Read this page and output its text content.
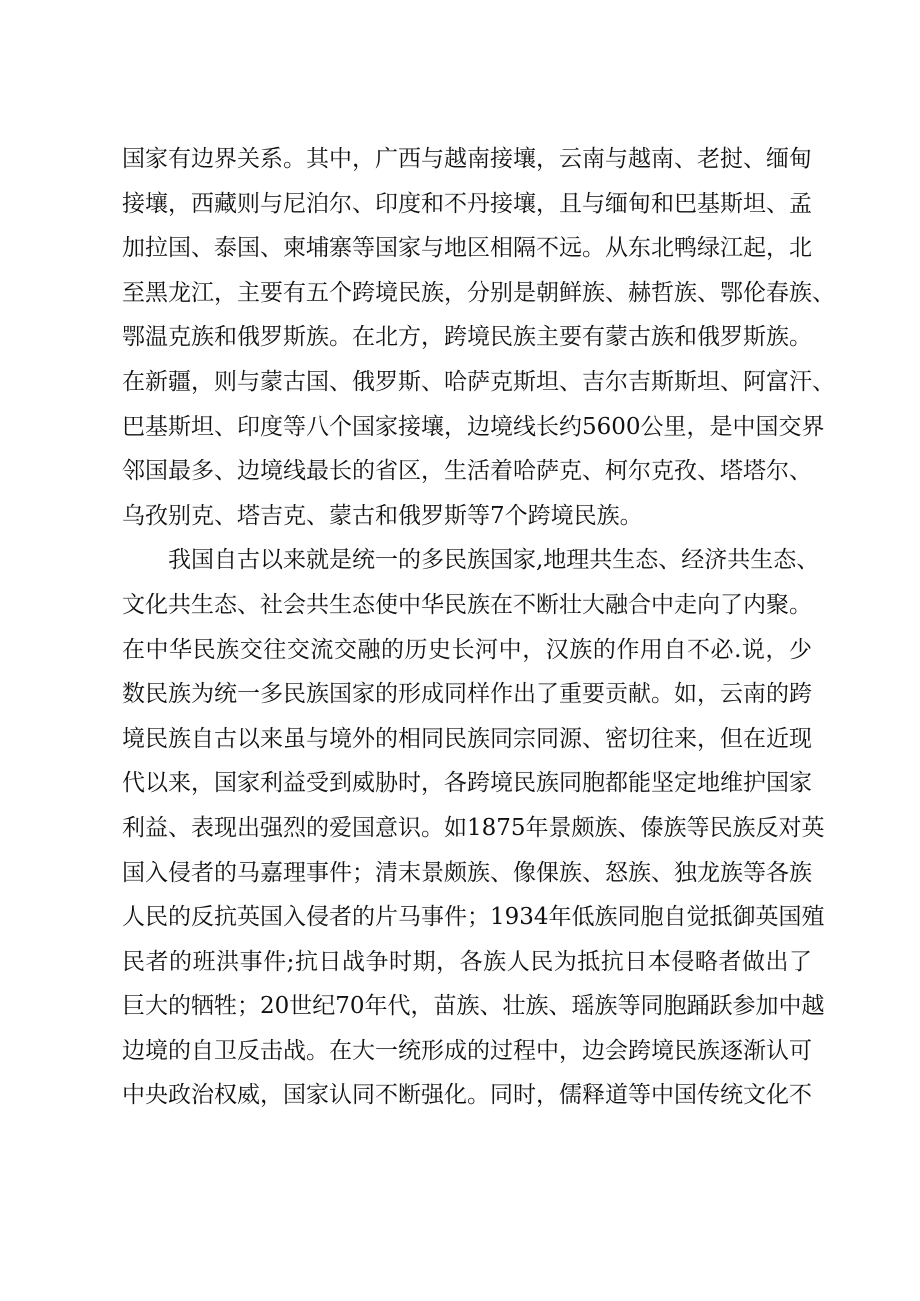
国家有边界关系。其中，广西与越南接壤，云南与越南、老挝、缅甸
接壤，西藏则与尼泊尔、印度和不丹接壤，且与缅甸和巴基斯坦、孟
加拉国、泰国、柬埔寨等国家与地区相隔不远。从东北鸭绿江起，北
至黑龙江，主要有五个跨境民族，分别是朝鲜族、赫哲族、鄂伦春族、
鄂温克族和俄罗斯族。在北方，跨境民族主要有蒙古族和俄罗斯族。
在新疆，则与蒙古国、俄罗斯、哈萨克斯坦、吉尔吉斯斯坦、阿富汗、
巴基斯坦、印度等八个国家接壤，边境线长约5600公里，是中国交界
邻国最多、边境线最长的省区，生活着哈萨克、柯尔克孜、塔塔尔、
乌孜别克、塔吉克、蒙古和俄罗斯等7个跨境民族。
我国自古以来就是统一的多民族国家,地理共生态、经济共生态、
文化共生态、社会共生态使中华民族在不断壮大融合中走向了内聚。
在中华民族交往交流交融的历史长河中，汉族的作用自不必.说，少
数民族为统一多民族国家的形成同样作出了重要贡献。如，云南的跨
境民族自古以来虽与境外的相同民族同宗同源、密切往来，但在近现
代以来，国家利益受到威胁时，各跨境民族同胞都能坚定地维护国家
利益、表现出强烈的爱国意识。如1875年景颇族、傣族等民族反对英
国入侵者的马嘉理事件；清末景颇族、像倮族、怒族、独龙族等各族
人民的反抗英国入侵者的片马事件；1934年低族同胞自觉抵御英国殖
民者的班洪事件;抗日战争时期，各族人民为抵抗日本侵略者做出了
巨大的牺牲；20世纪70年代，苗族、壮族、瑶族等同胞踊跃参加中越
边境的自卫反击战。在大一统形成的过程中，边会跨境民族逐渐认可
中央政治权威，国家认同不断强化。同时，儒释道等中国传统文化不
